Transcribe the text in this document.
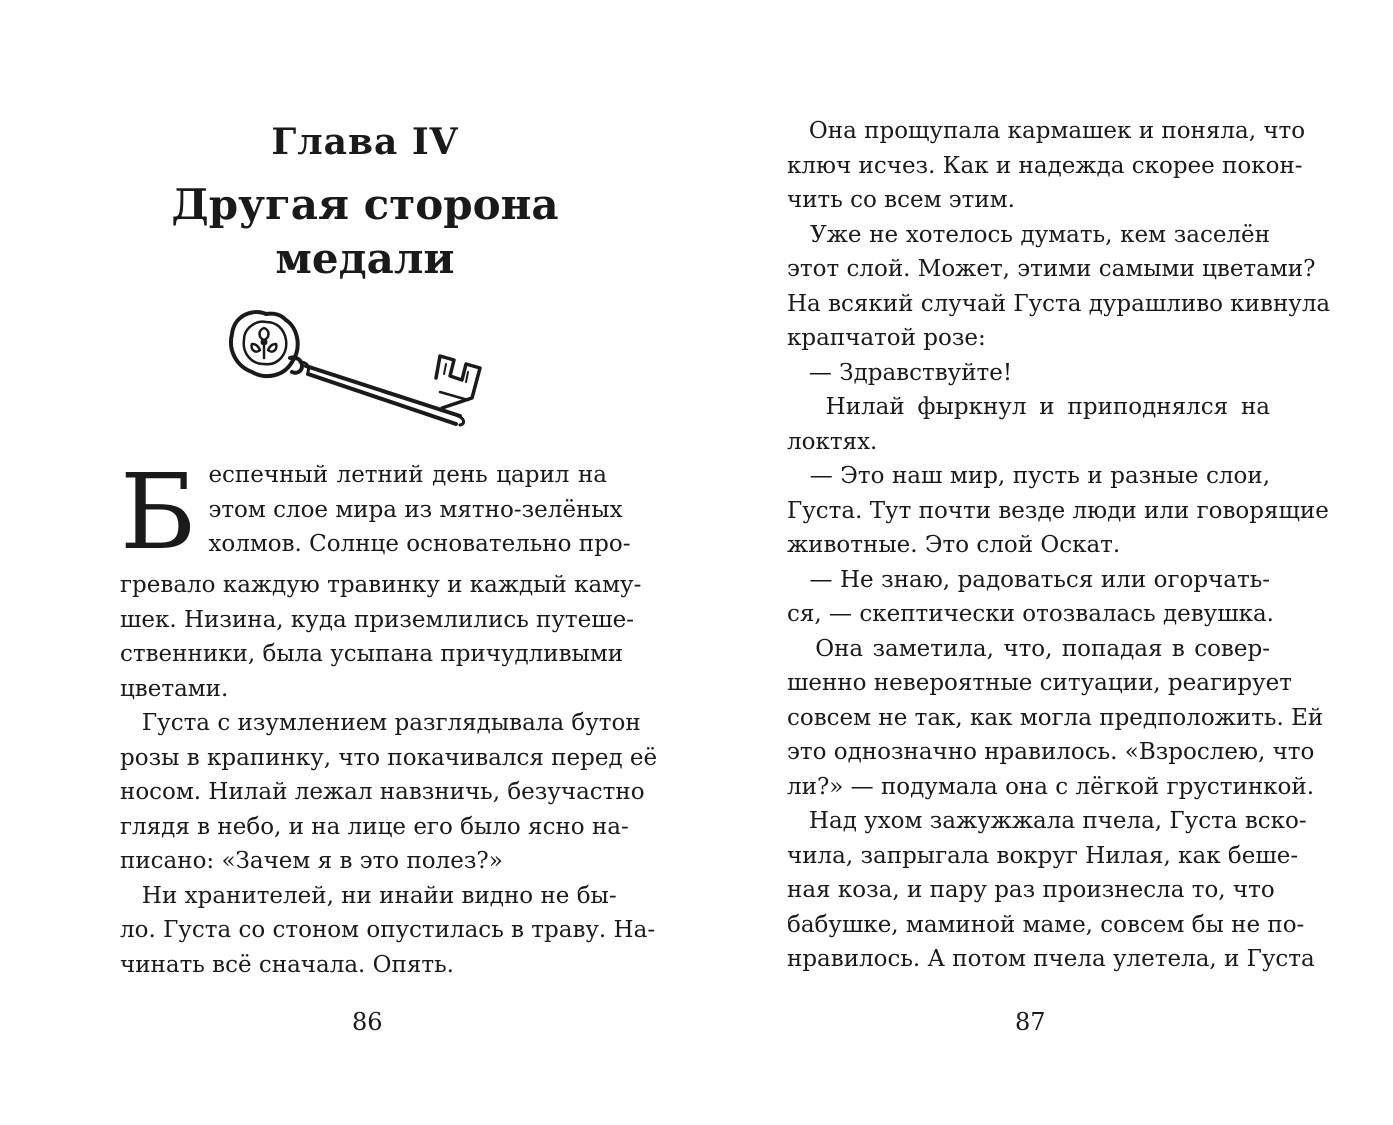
Глава IV
Другая сторона
медали
Б еспечный летний день царил на
этом слое мира из мятно-зелёных
холмов. Солнце основательно про-
гревало каждую травинку и каждый каму-
шек. Низина, куда приземлились путеше-
ственники, была усыпана причудливыми
цветами.
Густа с изумлением разглядывала бутон
розы в крапинку, что покачивался перед её
носом. Нилай лежал навзничь, безучастно
глядя в небо, и на лице его было ясно на-
писано: «Зачем я в это полез?»
Ни хранителей, ни инайи видно не бы-
ло. Густа со стоном опустилась в траву. На-
чинать всё сначала. Опять.

86

Она прощупала кармашек и поняла, что
ключ исчез. Как и надежда скорее покон-
чить со всем этим.
Уже не хотелось думать, кем заселён
этот слой. Может, этими самыми цветами?
На всякий случай Густа дурашливо кивнула
крапчатой розе:
— Здравствуйте!
Нилай фыркнул и приподнялся на
локтях.
— Это наш мир, пусть и разные слои,
Густа. Тут почти везде люди или говорящие
животные. Это слой Оскат.
— Не знаю, радоваться или огорчать-
ся, — скептически отозвалась девушка.
Она заметила, что, попадая в совер-
шенно невероятные ситуации, реагирует
совсем не так, как могла предположить. Ей
это однозначно нравилось. «Взрослею, что
ли?» — подумала она с лёгкой грустинкой.
Над ухом зажужжала пчела, Густа вско-
чила, запрыгала вокруг Нилая, как беше-
ная коза, и пару раз произнесла то, что
бабушке, маминой маме, совсем бы не по-
нравилось. А потом пчела улетела, и Густа

87
